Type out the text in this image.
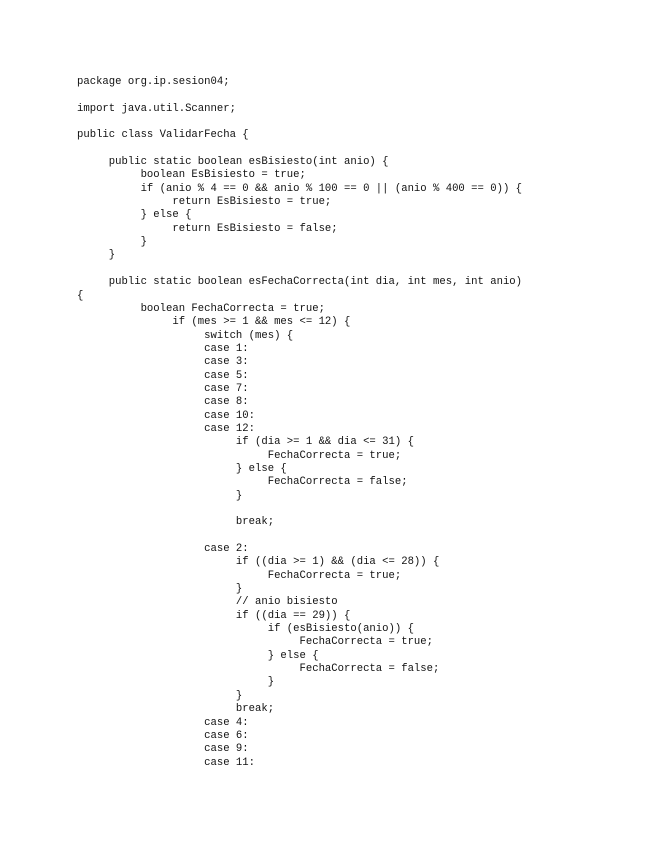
package org.ip.sesion04;
import java.util.Scanner;
public class ValidarFecha {
public static boolean esBisiesto(int anio) {
boolean EsBisiesto = true;
if (anio % 4 == 0 && anio % 100 == 0 || (anio % 400 == 0)) {
return EsBisiesto = true;
} else {
return EsBisiesto = false;
}
}
public static boolean esFechaCorrecta(int dia, int mes, int anio)
{
boolean FechaCorrecta = true;
if (mes >= 1 && mes <= 12) {
switch (mes) {
case 1:
case 3:
case 5:
case 7:
case 8:
case 10:
case 12:
if (dia >= 1 && dia <= 31) {
FechaCorrecta = true;
} else {
FechaCorrecta = false;
}
break;
case 2:
if ((dia >= 1) && (dia <= 28)) {
FechaCorrecta = true;
}
// anio bisiesto
if ((dia == 29)) {
if (esBisiesto(anio)) {
FechaCorrecta = true;
} else {
FechaCorrecta = false;
}
}
break;
case 4:
case 6:
case 9:
case 11:
